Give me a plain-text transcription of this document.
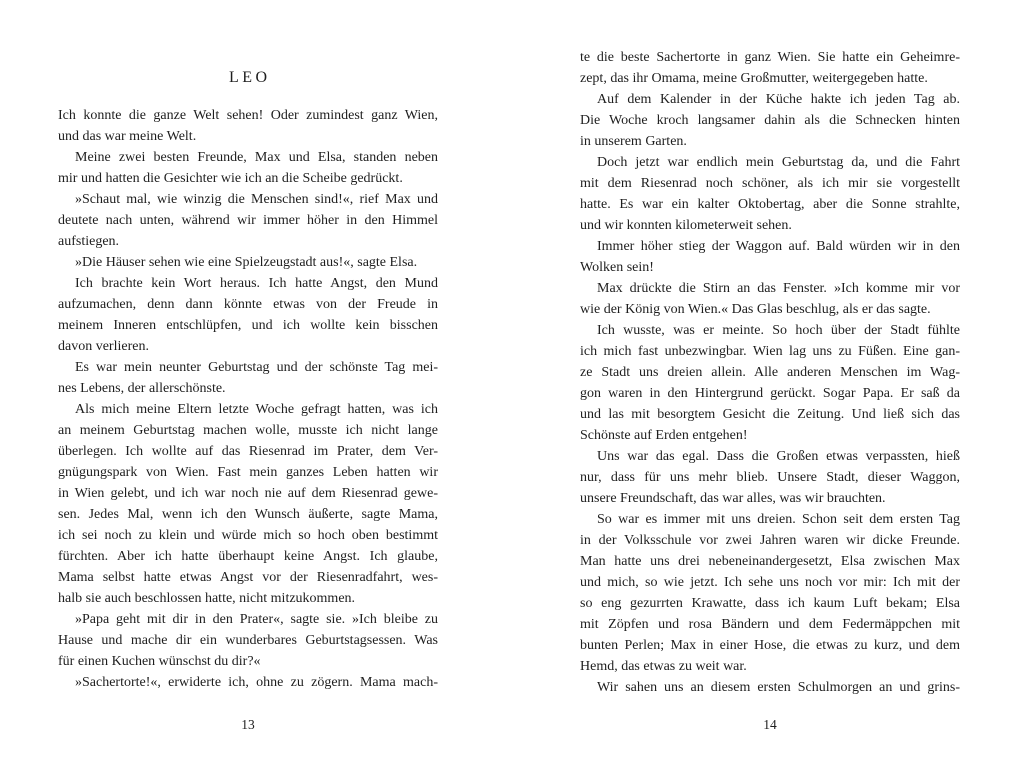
LEO
Ich konnte die ganze Welt sehen! Oder zumindest ganz Wien,
und das war meine Welt.
Meine zwei besten Freunde, Max und Elsa, standen neben
mir und hatten die Gesichter wie ich an die Scheibe gedrückt.
»Schaut mal, wie winzig die Menschen sind!«, rief Max und
deutete nach unten, während wir immer höher in den Himmel
aufstiegen.
»Die Häuser sehen wie eine Spielzeugstadt aus!«, sagte Elsa.
Ich brachte kein Wort heraus. Ich hatte Angst, den Mund
aufzumachen, denn dann könnte etwas von der Freude in
meinem Inneren entschlüpfen, und ich wollte kein bisschen
davon verlieren.
Es war mein neunter Geburtstag und der schönste Tag mei-
nes Lebens, der allerschönste.
Als mich meine Eltern letzte Woche gefragt hatten, was ich
an meinem Geburtstag machen wolle, musste ich nicht lange
überlegen. Ich wollte auf das Riesenrad im Prater, dem Ver-
gnügungspark von Wien. Fast mein ganzes Leben hatten wir
in Wien gelebt, und ich war noch nie auf dem Riesenrad gewe-
sen. Jedes Mal, wenn ich den Wunsch äußerte, sagte Mama,
ich sei noch zu klein und würde mich so hoch oben bestimmt
fürchten. Aber ich hatte überhaupt keine Angst. Ich glaube,
Mama selbst hatte etwas Angst vor der Riesenradfahrt, wes-
halb sie auch beschlossen hatte, nicht mitzukommen.
»Papa geht mit dir in den Prater«, sagte sie. »Ich bleibe zu
Hause und mache dir ein wunderbares Geburtstagsessen. Was
für einen Kuchen wünschst du dir?«
»Sachertorte!«, erwiderte ich, ohne zu zögern. Mama mach-
13
te die beste Sachertorte in ganz Wien. Sie hatte ein Geheimre-
zept, das ihr Omama, meine Großmutter, weitergegeben hatte.
Auf dem Kalender in der Küche hakte ich jeden Tag ab.
Die Woche kroch langsamer dahin als die Schnecken hinten
in unserem Garten.
Doch jetzt war endlich mein Geburtstag da, und die Fahrt
mit dem Riesenrad noch schöner, als ich mir sie vorgestellt
hatte. Es war ein kalter Oktobertag, aber die Sonne strahlte,
und wir konnten kilometerweit sehen.
Immer höher stieg der Waggon auf. Bald würden wir in den
Wolken sein!
Max drückte die Stirn an das Fenster. »Ich komme mir vor
wie der König von Wien.« Das Glas beschlug, als er das sagte.
Ich wusste, was er meinte. So hoch über der Stadt fühlte
ich mich fast unbezwingbar. Wien lag uns zu Füßen. Eine gan-
ze Stadt uns dreien allein. Alle anderen Menschen im Wag-
gon waren in den Hintergrund gerückt. Sogar Papa. Er saß da
und las mit besorgtem Gesicht die Zeitung. Und ließ sich das
Schönste auf Erden entgehen!
Uns war das egal. Dass die Großen etwas verpassten, hieß
nur, dass für uns mehr blieb. Unsere Stadt, dieser Waggon,
unsere Freundschaft, das war alles, was wir brauchten.
So war es immer mit uns dreien. Schon seit dem ersten Tag
in der Volksschule vor zwei Jahren waren wir dicke Freunde.
Man hatte uns drei nebeneinandergesetzt, Elsa zwischen Max
und mich, so wie jetzt. Ich sehe uns noch vor mir: Ich mit der
so eng gezurrten Krawatte, dass ich kaum Luft bekam; Elsa
mit Zöpfen und rosa Bändern und dem Federmäppchen mit
bunten Perlen; Max in einer Hose, die etwas zu kurz, und dem
Hemd, das etwas zu weit war.
Wir sahen uns an diesem ersten Schulmorgen an und grins-
14
